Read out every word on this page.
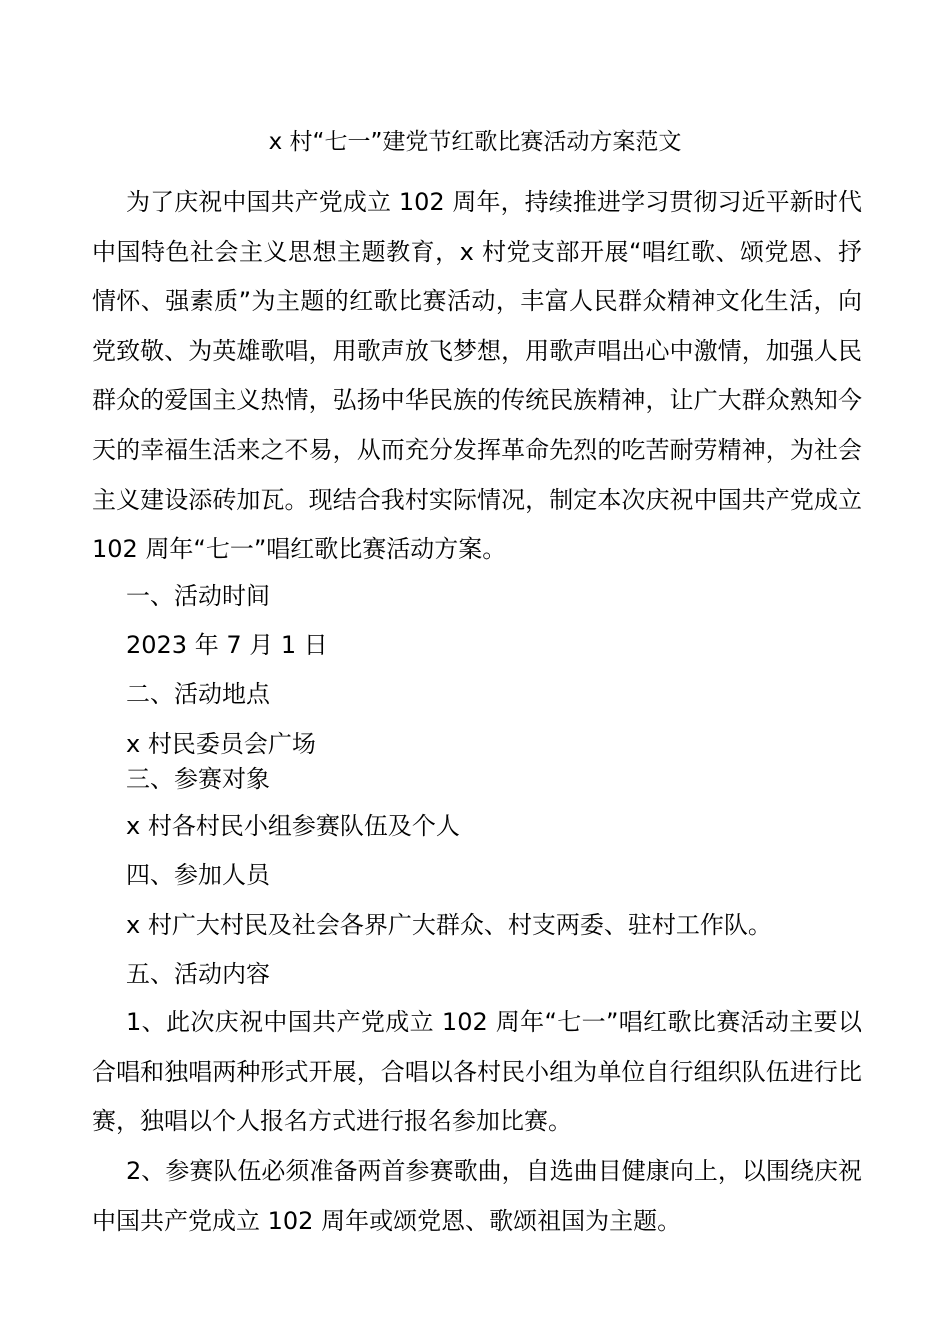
x 村“七一”建党节红歌比赛活动方案范文

为了庆祝中国共产党成立 102 周年，持续推进学习贯彻习近平新时代中国特色社会主义思想主题教育，x 村党支部开展“唱红歌、颂党恩、抒情怀、强素质”为主题的红歌比赛活动，丰富人民群众精神文化生活，向党致敬、为英雄歌唱，用歌声放飞梦想，用歌声唱出心中激情，加强人民群众的爱国主义热情，弘扬中华民族的传统民族精神，让广大群众熟知今天的幸福生活来之不易，从而充分发挥革命先烈的吃苦耐劳精神，为社会主义建设添砖加瓦。现结合我村实际情况，制定本次庆祝中国共产党成立 102 周年“七一”唱红歌比赛活动方案。

一、活动时间

2023 年 7 月 1 日

二、活动地点

x 村民委员会广场

三、参赛对象

x 村各村民小组参赛队伍及个人

四、参加人员

x 村广大村民及社会各界广大群众、村支两委、驻村工作队。

五、活动内容

1、此次庆祝中国共产党成立 102 周年“七一”唱红歌比赛活动主要以合唱和独唱两种形式开展，合唱以各村民小组为单位自行组织队伍进行比赛，独唱以个人报名方式进行报名参加比赛。

2、参赛队伍必须准备两首参赛歌曲，自选曲目健康向上，以围绕庆祝中国共产党成立 102 周年或颂党恩、歌颂祖国为主题。
